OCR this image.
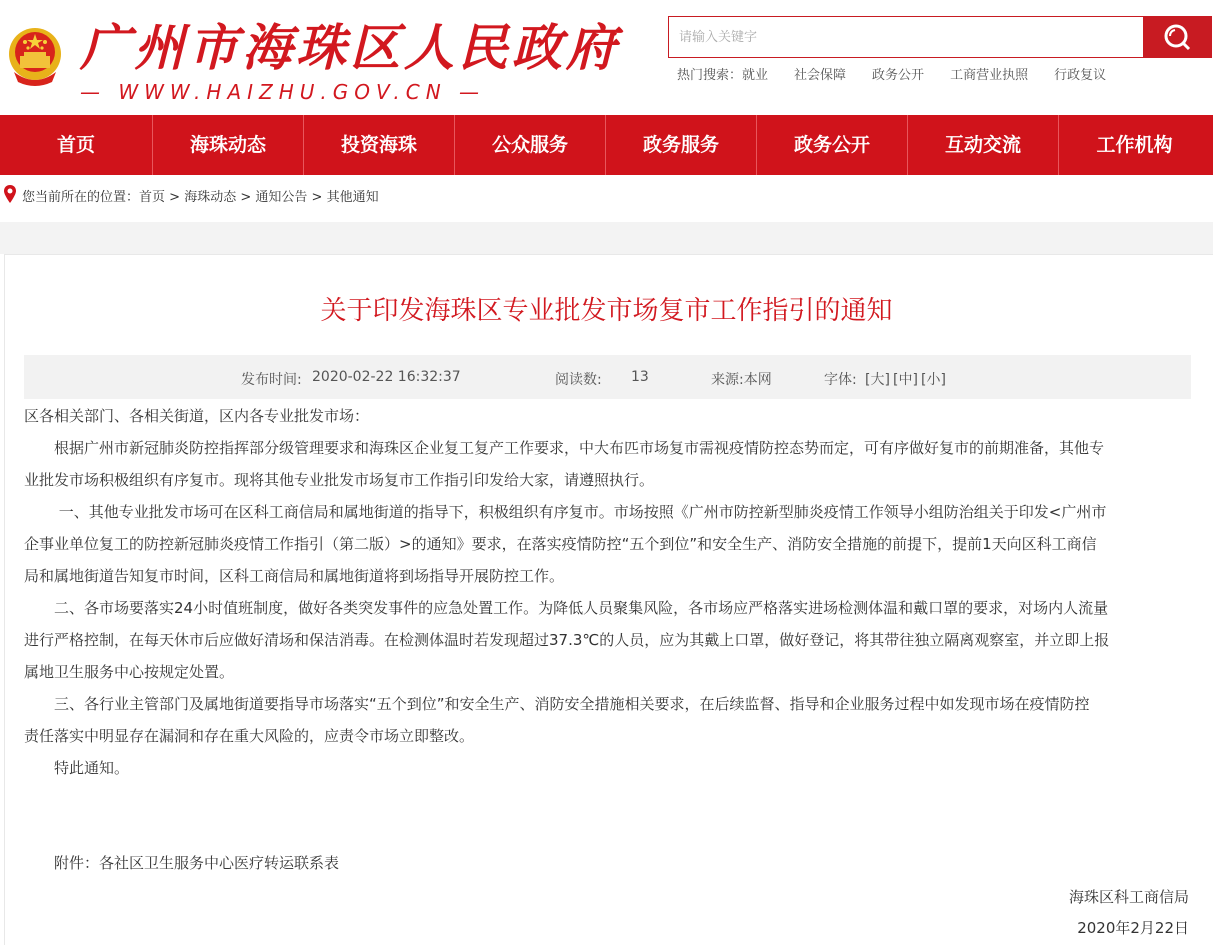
广州市海珠区人民政府
— WWW.HAIZHU.GOV.CN —
请输入关键字
热门搜索：就业 社会保障 政务公开 工商营业执照 行政复议
首页	海珠动态	投资海珠	公众服务	政务服务	政务公开	互动交流	工作机构
您当前所在的位置：首页 > 海珠动态 > 通知公告 > 其他通知
关于印发海珠区专业批发市场复市工作指引的通知
发布时间: 2020-02-22 16:32:37	阅读数: 13	来源:本网	字体: [大] [中] [小]
区各相关部门、各相关街道，区内各专业批发市场：
　　根据广州市新冠肺炎防控指挥部分级管理要求和海珠区企业复工复产工作要求，中大布匹市场复市需视疫情防控态势而定，可有序做好复市的前期准备，其他专
业批发市场积极组织有序复市。现将其他专业批发市场复市工作指引印发给大家，请遵照执行。
　　 一、其他专业批发市场可在区科工商信局和属地街道的指导下，积极组织有序复市。市场按照《广州市防控新型肺炎疫情工作领导小组防治组关于印发<广州市
企事业单位复工的防控新冠肺炎疫情工作指引（第二版）>的通知》要求，在落实疫情防控“五个到位”和安全生产、消防安全措施的前提下，提前1天向区科工商信
局和属地街道告知复市时间，区科工商信局和属地街道将到场指导开展防控工作。
　　二、各市场要落实24小时值班制度，做好各类突发事件的应急处置工作。为降低人员聚集风险，各市场应严格落实进场检测体温和戴口罩的要求，对场内人流量
进行严格控制，在每天休市后应做好清场和保洁消毒。在检测体温时若发现超过37.3℃的人员，应为其戴上口罩，做好登记，将其带往独立隔离观察室，并立即上报
属地卫生服务中心按规定处置。
　　三、各行业主管部门及属地街道要指导市场落实“五个到位”和安全生产、消防安全措施相关要求，在后续监督、指导和企业服务过程中如发现市场在疫情防控
责任落实中明显存在漏洞和存在重大风险的，应责令市场立即整改。
　　特此通知。
　　附件：各社区卫生服务中心医疗转运联系表
海珠区科工商信局
2020年2月22日
